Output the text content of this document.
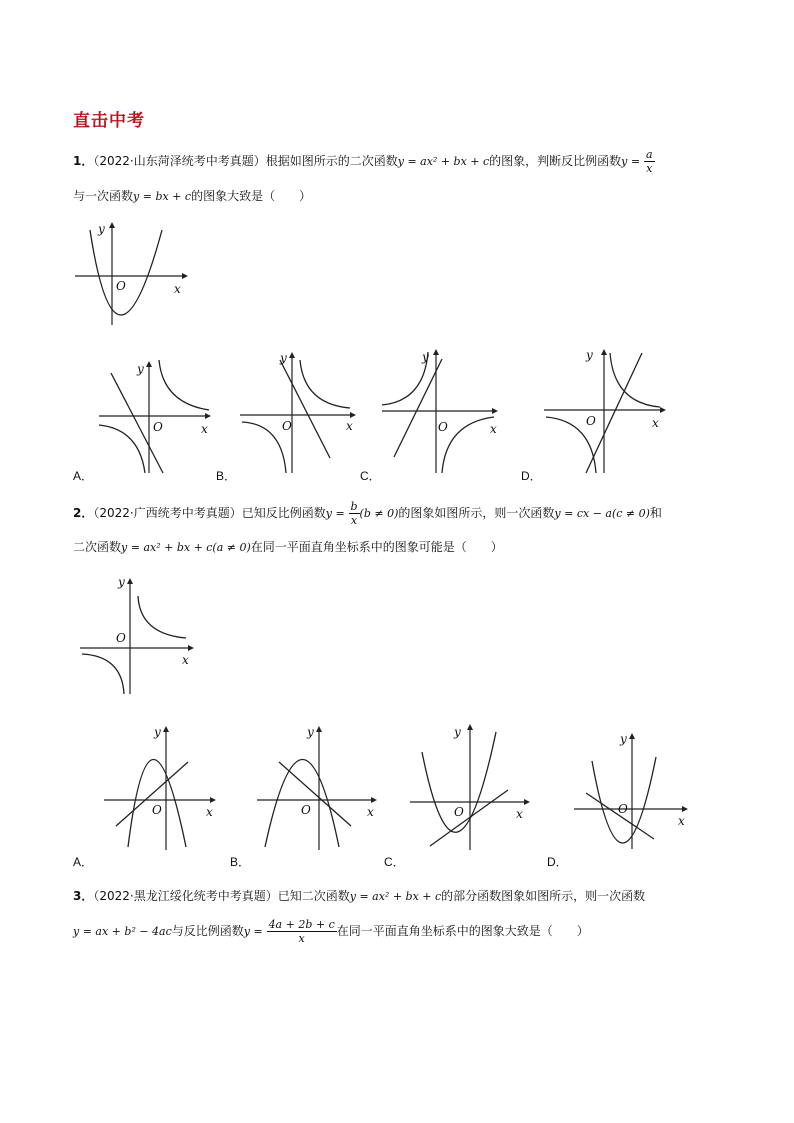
直击中考
1．（2022·山东菏泽统考中考真题）根据如图所示的二次函数y = ax² + bx + c的图象，判断反比例函数$y = \frac{a}{x}$
与一次函数y = bx + c的图象大致是（　　）
y
x
O
y
x
O
A．
y
x
O
B．
y
x
O
C．
y
x
O
D．
2．（2022·广西统考中考真题）已知反比例函数$y = \frac{b}{x} (b \ne 0)$的图象如图所示，则一次函数y = cx − a(c ≠ 0)和
二次函数y = ax² + bx + c(a ≠ 0)在同一平面直角坐标系中的图象可能是（　　）
y
x
O
y
x
O
A．
y
x
O
B．
y
x
O
C．
y
x
O
D．
3．（2022·黑龙江绥化统考中考真题）已知二次函数y = ax² + bx + c的部分函数图象如图所示，则一次函数
y = ax + b² − 4ac与反比例函数$y = \frac{4a + 2b + c}{x}$ 在同一平面直角坐标系中的图象大致是（　　）
